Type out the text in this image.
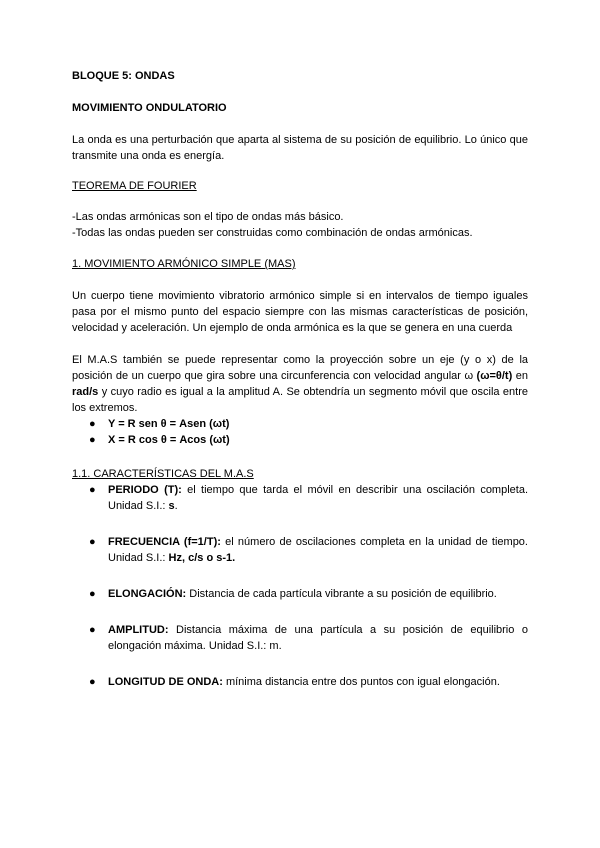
BLOQUE 5: ONDAS

MOVIMIENTO ONDULATORIO

La onda es una perturbación que aparta al sistema de su posición de equilibrio. Lo único que transmite una onda es energía.

TEOREMA DE FOURIER

-Las ondas armónicas son el tipo de ondas más básico.

-Todas las ondas pueden ser construidas como combinación de ondas armónicas.

1. MOVIMIENTO ARMÓNICO SIMPLE (MAS)

Un cuerpo tiene movimiento vibratorio armónico simple si en intervalos de tiempo iguales pasa por el mismo punto del espacio siempre con las mismas características de posición, velocidad y aceleración. Un ejemplo de onda armónica es la que se genera en una cuerda

El M.A.S también se puede representar como la proyección sobre un eje (y o x) de la posición de un cuerpo que gira sobre una circunferencia con velocidad angular ω (ω=θ/t) en rad/s y cuyo radio es igual a la amplitud A. Se obtendría un segmento móvil que oscila entre los extremos.

● Y = R sen θ = Asen (ωt)
● X = R cos θ = Acos (ωt)

1.1. CARACTERÍSTICAS DEL M.A.S

● PERIODO (T): el tiempo que tarda el móvil en describir una oscilación completa. Unidad S.I.: s.
● FRECUENCIA (f=1/T): el número de oscilaciones completa en la unidad de tiempo. Unidad S.I.: Hz, c/s o s-1.
● ELONGACIÓN: Distancia de cada partícula vibrante a su posición de equilibrio.
● AMPLITUD: Distancia máxima de una partícula a su posición de equilibrio o elongación máxima. Unidad S.I.: m.
● LONGITUD DE ONDA: mínima distancia entre dos puntos con igual elongación.
